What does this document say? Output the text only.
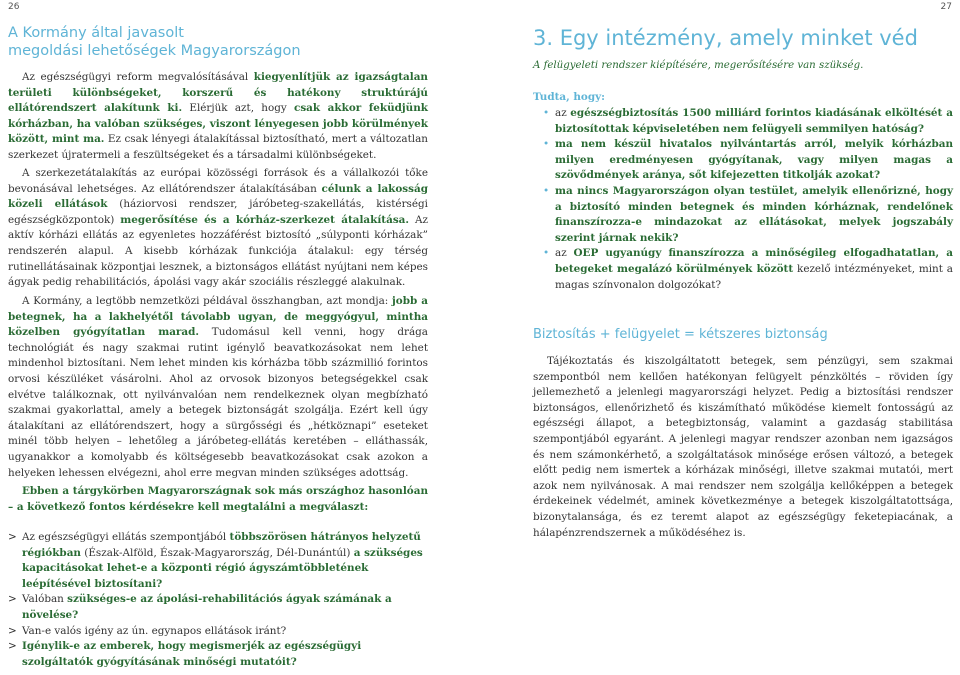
26	27
A Kormány által javasolt
megoldási lehetőségek Magyarországon

Az egészségügyi reform megvalósításával kiegyenlítjük az igazságtalan területi különbségeket, korszerű és hatékony struktúrájú ellátórendszert alakítunk ki. Elérjük azt, hogy csak akkor feküdjünk kórházban, ha valóban szükséges, viszont lényegesen jobb körülmények között, mint ma. Ez csak lényegi átalakítással biztosítható, mert a változatlan szerkezet újratermeli a feszültségeket és a társadalmi különbségeket.

A szerkezetátalakítás az európai közösségi források és a vállalkozói tőke bevonásával lehetséges. Az ellátórendszer átalakításában célunk a lakosság közeli ellátások (háziorvosi rendszer, járóbeteg-szakellátás, kistérségi egészségközpontok) megerősítése és a kórház-szerkezet átalakítása. Az aktív kórházi ellátás az egyenletes hozzáférést biztosító „súlyponti kórházak” rendszerén alapul. A kisebb kórházak funkciója átalakul: egy térség rutinellátásainak központjai lesznek, a biztonságos ellátást nyújtani nem képes ágyak pedig rehabilitációs, ápolási vagy akár szociális részleggé alakulnak.

A Kormány, a legtöbb nemzetközi példával összhangban, azt mondja: jobb a betegnek, ha a lakhelyétől távolabb ugyan, de meggyógyul, mintha közelben gyógyítatlan marad. Tudomásul kell venni, hogy drága technológiát és nagy szakmai rutint igénylő beavatkozásokat nem lehet mindenhol biztosítani. Nem lehet minden kis kórházba több százmillió forintos orvosi készüléket vásárolni. Ahol az orvosok bizonyos betegségekkel csak elvétve találkoznak, ott nyilvánvalóan nem rendelkeznek olyan megbízható szakmai gyakorlattal, amely a betegek biztonságát szolgálja. Ezért kell úgy átalakítani az ellátórendszert, hogy a sürgősségi és „hétköznapi” eseteket minél több helyen – lehetőleg a járóbeteg-ellátás keretében – elláthassák, ugyanakkor a komolyabb és költségesebb beavatkozásokat csak azokon a helyeken lehessen elvégezni, ahol erre megvan minden szükséges adottság.

Ebben a tárgykörben Magyarországnak sok más országhoz hasonlóan – a következő fontos kérdésekre kell megtalálni a megválaszt:

> Az egészségügyi ellátás szempontjából többszörösen hátrányos helyzetű régiókban (Észak-Alföld, Észak-Magyarország, Dél-Dunántúl) a szükséges kapacitásokat lehet-e a központi régió ágyszámtöbbletének leépítésével biztosítani?
> Valóban szükséges-e az ápolási-rehabilitációs ágyak számának a növelése?
> Van-e valós igény az ún. egynapos ellátások iránt?
> Igénylik-e az emberek, hogy megismerjék az egészségügyi szolgáltatók gyógyításának minőségi mutatóit?
3. Egy intézmény, amely minket véd

A felügyeleti rendszer kiépítésére, megerősítésére van szükség.

Tudta, hogy:

• az egészségbiztosítás 1500 milliárd forintos kiadásának elköltését a biztosítottak képviseletében nem felügyeli semmilyen hatóság?
• ma nem készül hivatalos nyilvántartás arról, melyik kórházban milyen eredményesen gyógyítanak, vagy milyen magas a szövődmények aránya, sőt kifejezetten titkolják azokat?
• ma nincs Magyarországon olyan testület, amelyik ellenőrizné, hogy a biztosító minden betegnek és minden kórháznak, rendelőnek finanszírozza-e mindazokat az ellátásokat, melyek jogszabály szerint járnak nekik?
• az OEP ugyanúgy finanszírozza a minőségileg elfogadhatatlan, a betegeket megalázó körülmények között kezelő intézményeket, mint a magas színvonalon dolgozókat?
Biztosítás + felügyelet = kétszeres biztonság

Tájékoztatás és kiszolgáltatott betegek, sem pénzügyi, sem szakmai szempontból nem kellően hatékonyan felügyelt pénzköltés – röviden így jellemezhető a jelenlegi magyarországi helyzet. Pedig a biztosítási rendszer biztonságos, ellenőrizhető és kiszámítható működése kiemelt fontosságú az egészségi állapot, a betegbiztonság, valamint a gazdaság stabilitása szempontjából egyaránt. A jelenlegi magyar rendszer azonban nem igazságos és nem számonkérhető, a szolgáltatások minősége erősen változó, a betegek előtt pedig nem ismertek a kórházak minőségi, illetve szakmai mutatói, mert azok nem nyilvánosak. A mai rendszer nem szolgálja kellőképpen a betegek érdekeinek védelmét, aminek következménye a betegek kiszolgáltatottsága, bizonytalansága, és ez teremt alapot az egészségügy feketepiacának, a hálapénzrendszernek a működéséhez is.
